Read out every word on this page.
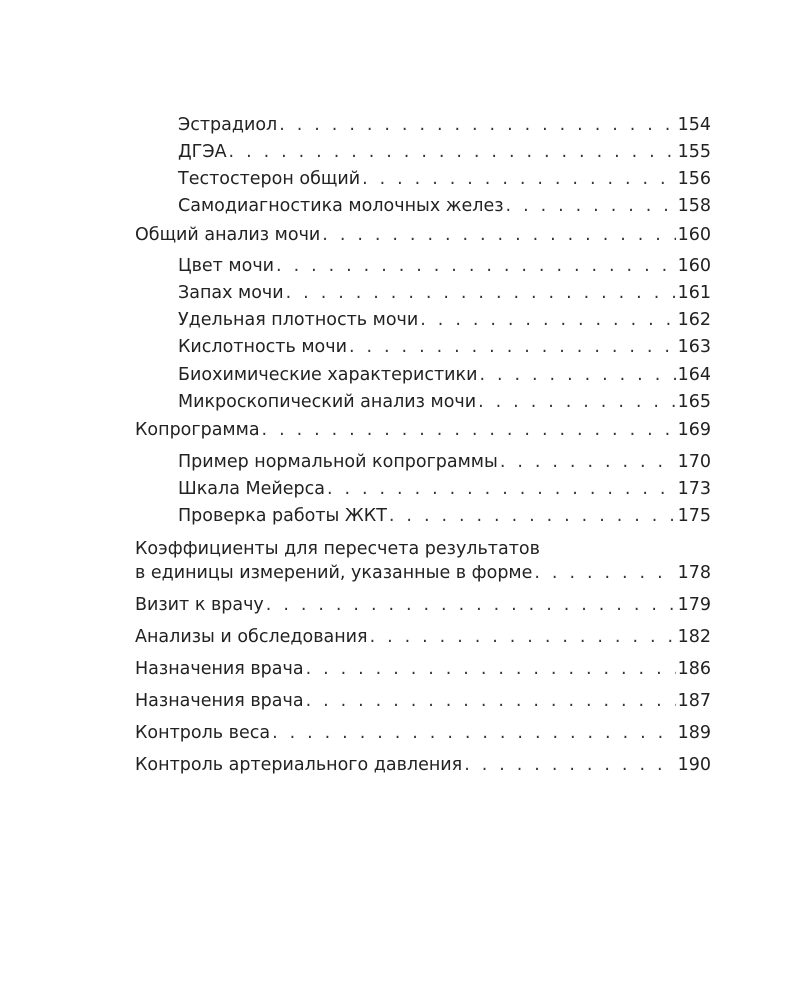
Эстрадиол . . .	154
ДГЭА . . .	155
Тестостерон общий . . .	156
Самодиагностика молочных желез . . .	158
Общий анализ мочи . . .	160
Цвет мочи . . .	160
Запах мочи . . .	161
Удельная плотность мочи . . .	162
Кислотность мочи . . .	163
Биохимические характеристики . . .	164
Микроскопический анализ мочи . . .	165
Копрограмма . . .	169
Пример нормальной копрограммы . . .	170
Шкала Мейерса . . .	173
Проверка работы ЖКТ . . .	175
Коэффициенты для пересчета результатов
в единицы измерений, указанные в форме . . .	178
Визит к врачу . . .	179
Анализы и обследования . . .	182
Назначения врача . . .	186
Назначения врача . . .	187
Контроль веса . . .	189
Контроль артериального давления . . .	190
